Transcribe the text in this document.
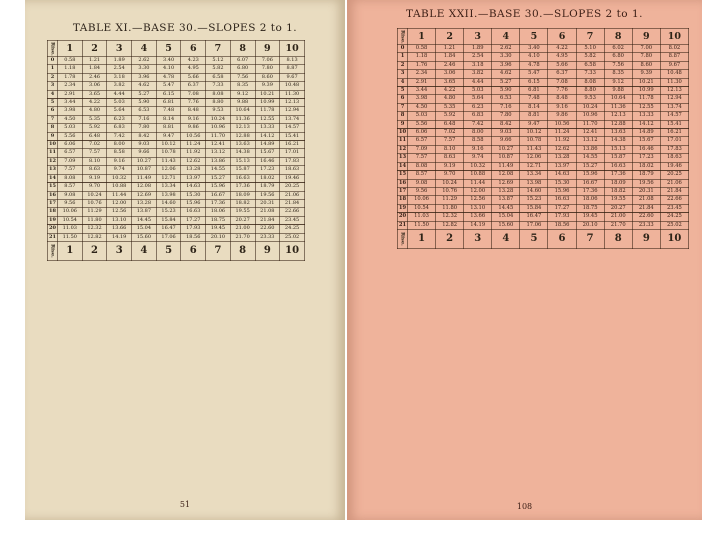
TABLE XI.—BASE 30.—SLOPES 2 to 1.
Rise.	1	2	3	4	5	6	7	8	9	10
0	0.58	1.21	1.89	2.62	3.40	4.23	5.12	6.07	7.06	8.13
1	1.18	1.84	2.54	3.30	4.10	4.95	5.82	6.80	7.80	8.87
2	1.78	2.46	3.18	3.96	4.78	5.66	6.58	7.56	8.60	9.67
3	2.34	3.06	3.82	4.62	5.47	6.37	7.33	8.35	9.39	10.48
4	2.91	3.65	4.44	5.27	6.15	7.08	8.08	9.12	10.21	11.30
5	3.44	4.22	5.03	5.90	6.81	7.76	8.80	9.88	10.99	12.13
6	3.98	4.80	5.64	6.53	7.48	8.48	9.53	10.64	11.78	12.94
7	4.50	5.35	6.23	7.16	8.14	9.16	10.24	11.36	12.55	13.74
8	5.03	5.92	6.83	7.80	8.81	9.86	10.96	12.13	13.33	14.57
9	5.56	6.48	7.42	8.42	9.47	10.56	11.70	12.88	14.12	15.41
10	6.06	7.02	8.00	9.03	10.12	11.24	12.41	13.63	14.89	16.21
11	6.57	7.57	8.58	9.66	10.78	11.92	13.12	14.38	15.67	17.01
12	7.09	8.10	9.16	10.27	11.43	12.62	13.86	15.13	16.46	17.83
13	7.57	8.63	9.74	10.87	12.06	13.28	14.55	15.87	17.23	18.63
14	8.08	9.19	10.32	11.49	12.71	13.97	15.27	16.63	18.02	19.46
15	8.57	9.70	10.88	12.08	13.34	14.63	15.96	17.36	18.79	20.25
16	9.08	10.24	11.44	12.69	13.98	15.30	16.67	18.09	19.56	21.06
17	9.56	10.76	12.00	13.28	14.60	15.96	17.36	18.82	20.31	21.84
18	10.06	11.29	12.56	13.87	15.23	16.63	18.06	19.55	21.08	22.66
19	10.54	11.80	13.10	14.45	15.84	17.27	18.75	20.27	21.84	23.45
20	11.03	12.32	13.66	15.04	16.47	17.93	19.45	21.00	22.60	24.25
21	11.50	12.82	14.19	15.60	17.06	18.56	20.10	21.70	23.33	25.02
Rise.	1	2	3	4	5	6	7	8	9	10
51
TABLE XXII.—BASE 30.—SLOPES 2 to 1.
Rise.	1	2	3	4	5	6	7	8	9	10
0	0.58	1.21	1.89	2.62	3.40	4.22	5.10	6.02	7.00	8.02
1	1.18	1.84	2.54	3.30	4.10	4.95	5.82	6.80	7.80	8.87
2	1.76	2.46	3.18	3.96	4.78	5.66	6.58	7.56	8.60	9.67
3	2.34	3.06	3.82	4.62	5.47	6.37	7.33	8.35	9.39	10.48
4	2.91	3.65	4.44	5.27	6.15	7.08	8.08	9.12	10.21	11.30
5	3.44	4.22	5.03	5.90	6.81	7.76	8.80	9.88	10.99	12.13
6	3.98	4.80	5.64	6.53	7.48	8.48	9.53	10.64	11.78	12.94
7	4.50	5.35	6.23	7.16	8.14	9.16	10.24	11.36	12.55	13.74
8	5.03	5.92	6.83	7.80	8.81	9.86	10.96	12.13	13.33	14.57
9	5.56	6.48	7.42	8.42	9.47	10.56	11.70	12.88	14.12	15.41
10	6.06	7.02	8.00	9.03	10.12	11.24	12.41	13.63	14.89	16.21
11	6.57	7.57	8.58	9.66	10.78	11.92	13.12	14.38	15.67	17.01
12	7.09	8.10	9.16	10.27	11.43	12.62	13.86	15.13	16.46	17.83
13	7.57	8.63	9.74	10.87	12.06	13.28	14.55	15.87	17.23	18.63
14	8.08	9.19	10.32	11.49	12.71	13.97	15.27	16.63	18.02	19.46
15	8.57	9.70	10.88	12.08	13.34	14.63	15.96	17.36	18.79	20.25
16	9.08	10.24	11.44	12.69	13.98	15.30	16.67	18.09	19.56	21.06
17	9.56	10.76	12.00	13.28	14.60	15.96	17.36	18.82	20.31	21.84
18	10.06	11.29	12.56	13.87	15.23	16.63	18.06	19.55	21.08	22.66
19	10.54	11.80	13.10	14.45	15.84	17.27	18.75	20.27	21.84	23.45
20	11.03	12.32	13.66	15.04	16.47	17.93	19.45	21.00	22.60	24.25
21	11.50	12.82	14.19	15.60	17.06	18.56	20.10	21.70	23.33	25.02
Rise.	1	2	3	4	5	6	7	8	9	10
108
